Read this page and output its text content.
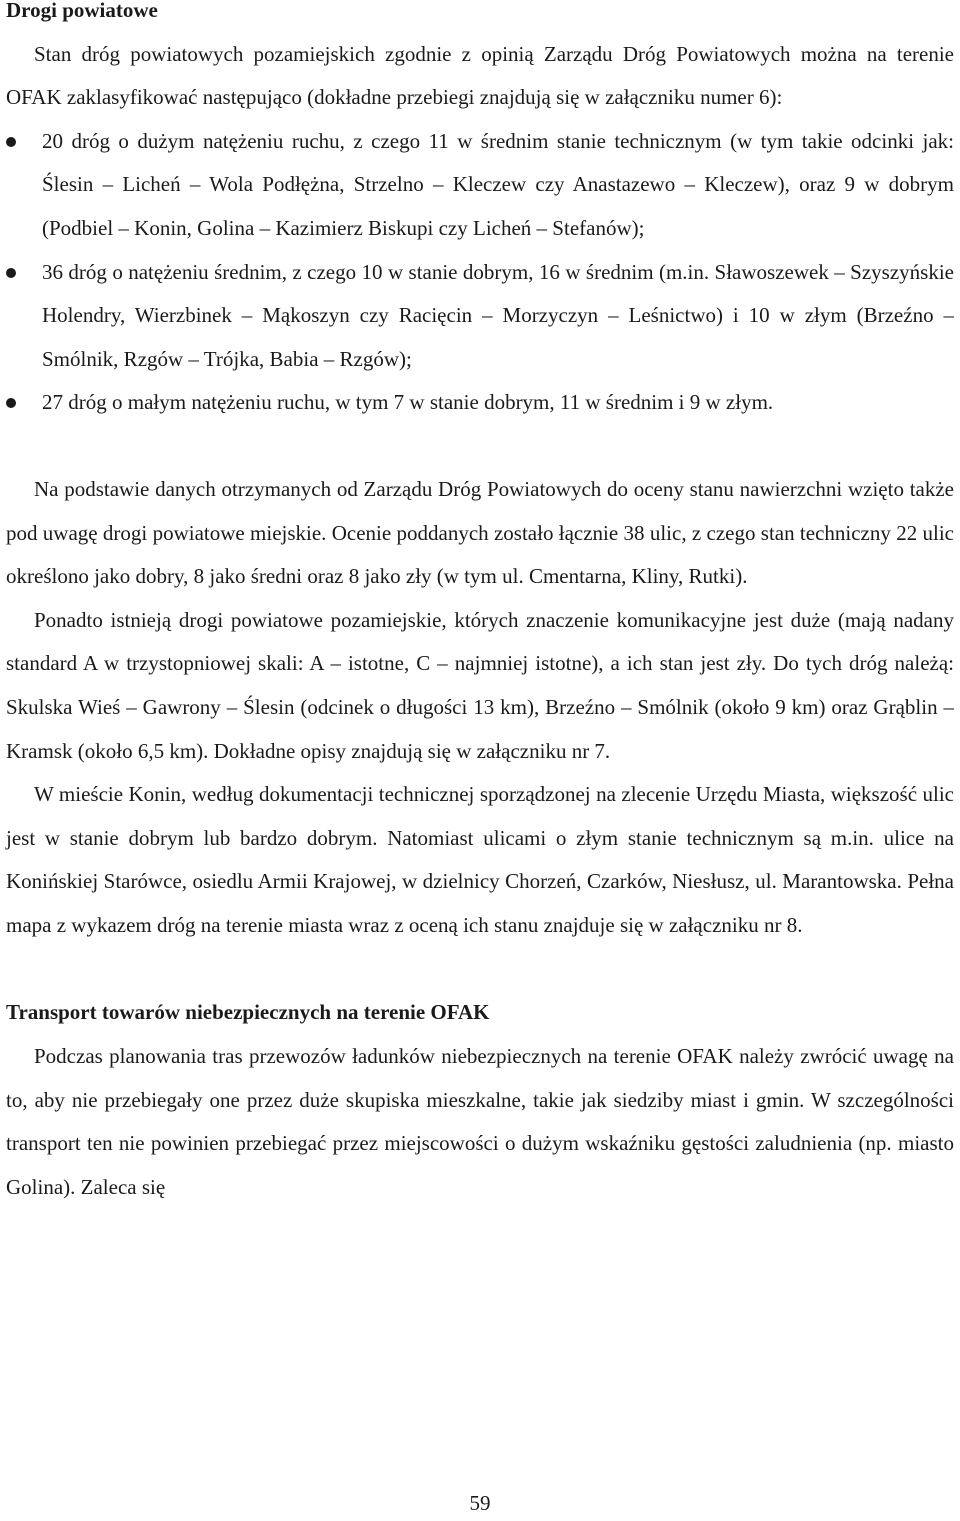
Drogi powiatowe

Stan dróg powiatowych pozamiejskich zgodnie z opinią Zarządu Dróg Powiatowych można na terenie OFAK zaklasyfikować następująco (dokładne przebiegi znajdują się w załączniku numer 6):

20 dróg o dużym natężeniu ruchu, z czego 11 w średnim stanie technicznym (w tym takie odcinki jak: Ślesin – Licheń – Wola Podłężna, Strzelno – Kleczew czy Anastazewo – Kleczew), oraz 9 w dobrym (Podbiel – Konin, Golina – Kazimierz Biskupi czy Licheń – Stefanów);
36 dróg o natężeniu średnim, z czego 10 w stanie dobrym, 16 w średnim (m.in. Sławoszewek – Szyszyńskie Holendry, Wierzbinek – Mąkoszyn czy Racięcin – Morzyczyn – Leśnictwo) i 10 w złym (Brzeźno – Smólnik, Rzgów – Trójka, Babia – Rzgów);
27 dróg o małym natężeniu ruchu, w tym 7 w stanie dobrym, 11 w średnim i 9 w złym.

Na podstawie danych otrzymanych od Zarządu Dróg Powiatowych do oceny stanu nawierzchni wzięto także pod uwagę drogi powiatowe miejskie. Ocenie poddanych zostało łącznie 38 ulic, z czego stan techniczny 22 ulic określono jako dobry, 8 jako średni oraz 8 jako zły (w tym ul. Cmentarna, Kliny, Rutki).

Ponadto istnieją drogi powiatowe pozamiejskie, których znaczenie komunikacyjne jest duże (mają nadany standard A w trzystopniowej skali: A – istotne, C – najmniej istotne), a ich stan jest zły. Do tych dróg należą: Skulska Wieś – Gawrony – Ślesin (odcinek o długości 13 km), Brzeźno – Smólnik (około 9 km) oraz Grąblin – Kramsk (około 6,5 km). Dokładne opisy znajdują się w załączniku nr 7.

W mieście Konin, według dokumentacji technicznej sporządzonej na zlecenie Urzędu Miasta, większość ulic jest w stanie dobrym lub bardzo dobrym. Natomiast ulicami o złym stanie technicznym są m.in. ulice na Konińskiej Starówce, osiedlu Armii Krajowej, w dzielnicy Chorzeń, Czarków, Niesłusz, ul. Marantowska. Pełna mapa z wykazem dróg na terenie miasta wraz z oceną ich stanu znajduje się w załączniku nr 8.

Transport towarów niebezpiecznych na terenie OFAK

Podczas planowania tras przewozów ładunków niebezpiecznych na terenie OFAK należy zwrócić uwagę na to, aby nie przebiegały one przez duże skupiska mieszkalne, takie jak siedziby miast i gmin. W szczególności transport ten nie powinien przebiegać przez miejscowości o dużym wskaźniku gęstości zaludnienia (np. miasto Golina). Zaleca się

59
